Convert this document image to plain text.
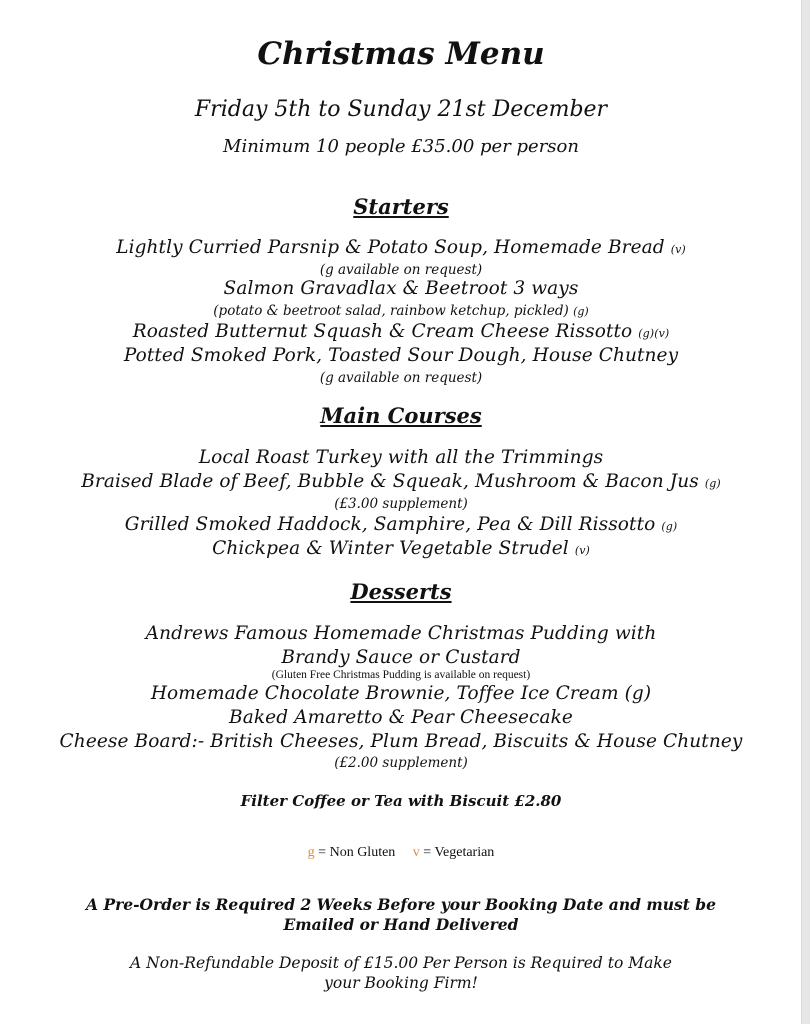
Christmas Menu
Friday 5th to Sunday 21st December
Minimum 10 people £35.00 per person
Starters
Lightly Curried Parsnip & Potato Soup, Homemade Bread (v)
(g available on request)
Salmon Gravadlax & Beetroot 3 ways
(potato & beetroot salad, rainbow ketchup, pickled) (g)
Roasted Butternut Squash & Cream Cheese Rissotto (g)(v)
Potted Smoked Pork, Toasted Sour Dough, House Chutney
(g available on request)
Main Courses
Local Roast Turkey with all the Trimmings
Braised Blade of Beef, Bubble & Squeak, Mushroom & Bacon Jus (g)
(£3.00 supplement)
Grilled Smoked Haddock, Samphire, Pea & Dill Rissotto (g)
Chickpea & Winter Vegetable Strudel (v)
Desserts
Andrews Famous Homemade Christmas Pudding with
Brandy Sauce or Custard
(Gluten Free Christmas Pudding is available on request)
Homemade Chocolate Brownie, Toffee Ice Cream (g)
Baked Amaretto & Pear Cheesecake
Cheese Board:- British Cheeses, Plum Bread, Biscuits & House Chutney
(£2.00 supplement)
Filter Coffee or Tea with Biscuit £2.80
g = Non Gluten v = Vegetarian
A Pre-Order is Required 2 Weeks Before your Booking Date and must be
Emailed or Hand Delivered
A Non-Refundable Deposit of £15.00 Per Person is Required to Make
your Booking Firm!
